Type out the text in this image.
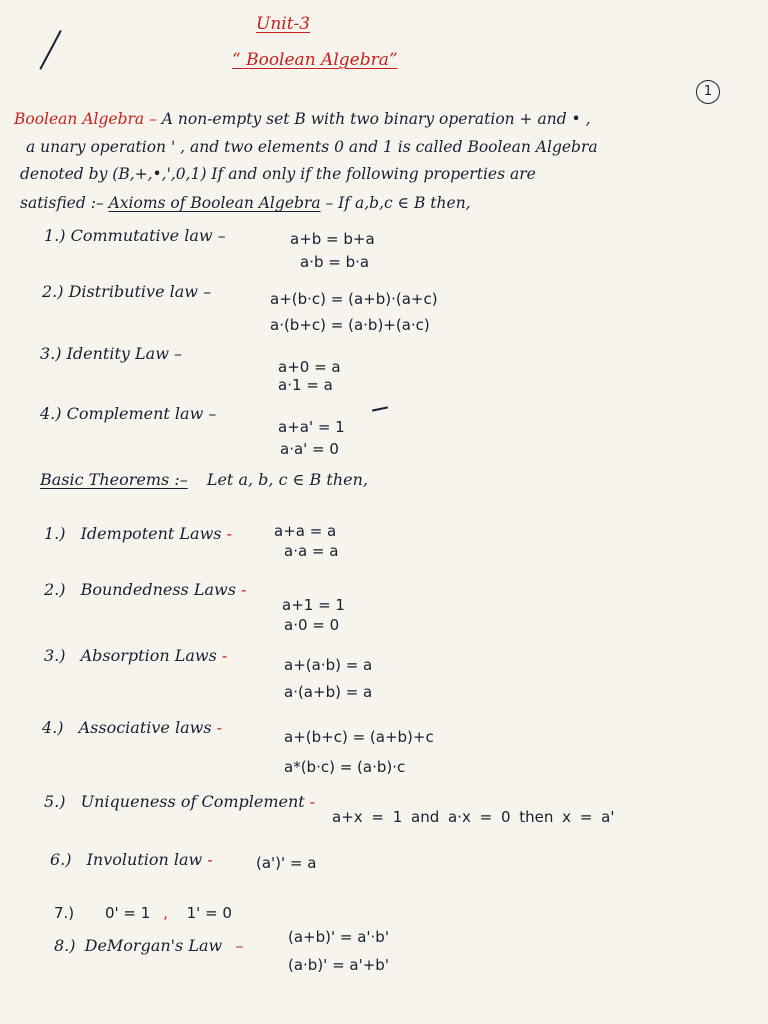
Unit-3
“ Boolean Algebra”
1
Boolean Algebra – A non-empty set B with two binary operation + and • ,
a unary operation ' , and two elements 0 and 1 is called Boolean Algebra
denoted by (B,+,•,',0,1) If and only if the following properties are
satisfied :– Axioms of Boolean Algebra – If a,b,c ∈ B then,
1.) Commutative law –	a+b = b+a
a·b = b·a
2.) Distributive law –	a+(b·c) = (a+b)·(a+c)
a·(b+c) = (a·b)+(a·c)
3.) Identity Law –
a+0 = a
a·1 = a
4.) Complement law –
a+a' = 1
a·a' = 0
Basic Theorems :– Let a, b, c ∈ B then,
1.) Idempotent Laws -	a+a = a
a·a = a
2.) Boundedness Laws -
a+1 = 1
a·0 = 0
3.) Absorption Laws -	a+(a·b) = a
a·(a+b) = a
4.) Associative laws -	a+(b+c) = (a+b)+c
a*(b·c) = (a·b)·c
5.) Uniqueness of Complement -
a+x = 1 and a·x = 0 then x = a'
6.) Involution law -	(a')' = a
7.) 0' = 1 , 1' = 0
8.) DeMorgan's Law –	(a+b)' = a'·b'
(a·b)' = a'+b'
